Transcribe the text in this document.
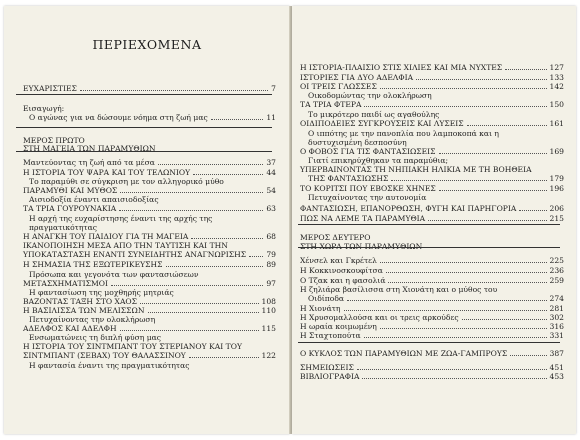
ΠΕΡΙΕΧΟΜΕΝΑ
ΕΥΧΑΡΙΣΤΙΕΣ	7
Εισαγωγή:
Ο αγώνας για να δώσουμε νόημα στη ζωή μας	11
ΜΕΡΟΣ ΠΡΩΤΟ
ΣΤΗ ΜΑΓΕΙΑ ΤΩΝ ΠΑΡΑΜΥΘΙΩΝ
Μαντεύοντας τη ζωή από τα μέσα	37
Η ΙΣΤΟΡΙΑ ΤΟΥ ΨΑΡΑ ΚΑΙ ΤΟΥ ΤΕΛΩΝΙΟΥ	44
Το παραμύθι σε σύγκριση με τον αλληγορικό μύθο
ΠΑΡΑΜΥΘΙ ΚΑΙ ΜΥΘΟΣ	54
Αισιοδοξία έναντι απαισιοδοξίας
ΤΑ ΤΡΙΑ ΓΟΥΡΟΥΝΑΚΙΑ	63
Η αρχή της ευχαρίστησης έναντι της αρχής της
πραγματικότητας
Η ΑΝΑΓΚΗ ΤΟΥ ΠΑΙΔΙΟΥ ΓΙΑ ΤΗ ΜΑΓΕΙΑ	68
ΙΚΑΝΟΠΟΙΗΣΗ ΜΕΣΑ ΑΠΟ ΤΗΝ ΤΑΥΤΙΣΗ ΚΑΙ ΤΗΝ
ΥΠΟΚΑΤΑΣΤΑΣΗ ΕΝΑΝΤΙ ΣΥΝΕΙΔΗΤΗΣ ΑΝΑΓΝΩΡΙΣΗΣ	79
Η ΣΗΜΑΣΙΑ ΤΗΣ ΕΞΩΤΕΡΙΚΕΥΣΗΣ	89
Πρόσωπα και γεγονότα των φαντασιώσεων
ΜΕΤΑΣΧΗΜΑΤΙΣΜΟΙ	97
Η φαντασίωση της μοχθηρής μητριάς
ΒΑΖΟΝΤΑΣ ΤΑΞΗ ΣΤΟ ΧΑΟΣ	108
Η ΒΑΣΙΛΙΣΣΑ ΤΩΝ ΜΕΛΙΣΣΩΝ	110
Πετυχαίνοντας την ολοκλήρωση
ΑΔΕΛΦΟΣ ΚΑΙ ΑΔΕΛΦΗ	115
Ενσωματώνεις τη διπλή φύση μας
Η ΙΣΤΟΡΙΑ ΤΟΥ ΣΙΝΤΜΠΑΝΤ ΤΟΥ ΣΤΕΡΙΑΝΟΥ ΚΑΙ ΤΟΥ
ΣΙΝΤΜΠΑΝΤ (ΣΕΒΑΧ) ΤΟΥ ΘΑΛΑΣΣΙΝΟΥ	122
Η φαντασία έναντι της πραγματικότητας
Η ΙΣΤΟΡΙΑ-ΠΛΑΙΣΙΟ ΣΤΙΣ ΧΙΛΙΕΣ ΚΑΙ ΜΙΑ ΝΥΧΤΕΣ	127
ΙΣΤΟΡΙΕΣ ΓΙΑ ΔΥΟ ΑΔΕΛΦΙΑ	133
ΟΙ ΤΡΕΙΣ ΓΛΩΣΣΕΣ	142
Οικοδομώντας την ολοκλήρωση
ΤΑ ΤΡΙΑ ΦΤΕΡΑ	150
Το μικρότερο παιδί ως αγαθούλης
ΟΙΔΙΠΟΔΕΙΕΣ ΣΥΓΚΡΟΥΣΕΙΣ ΚΑΙ ΛΥΣΕΙΣ	161
Ο ιππότης με την πανοπλία που λαμποκοπά και η
δυστυχισμένη δεσποσύνη
Ο ΦΟΒΟΣ ΓΙΑ ΤΙΣ ΦΑΝΤΑΣΙΩΣΕΙΣ	169
Γιατί επικηρύχθηκαν τα παραμύθια;
ΥΠΕΡΒΑΙΝΟΝΤΑΣ ΤΗ ΝΗΠΙΑΚΗ ΗΛΙΚΙΑ ΜΕ ΤΗ ΒΟΗΘΕΙΑ
ΤΗΣ ΦΑΝΤΑΣΙΩΣΗΣ	179
ΤΟ ΚΟΡΙΤΣΙ ΠΟΥ ΕΒΟΣΚΕ ΧΗΝΕΣ	196
Πετυχαίνοντας την αυτονομία
ΦΑΝΤΑΣΙΩΣΗ, ΕΠΑΝΟΡΘΩΣΗ, ΦΥΓΗ ΚΑΙ ΠΑΡΗΓΟΡΙΑ	206
ΠΩΣ ΝΑ ΛΕΜΕ ΤΑ ΠΑΡΑΜΥΘΙΑ	215
ΜΕΡΟΣ ΔΕΥΤΕΡΟ
ΣΤΗ ΧΩΡΑ ΤΩΝ ΠΑΡΑΜΥΘΙΩΝ
Χένσελ και Γκρέτελ	225
Η Κοκκινοσκουφίτσα	236
Ο Τζακ και η φασολιά	259
Η ζηλιάρα βασίλισσα στη Χιονάτη και ο μύθος του
Οιδίποδα	274
Η Χιονάτη	281
Η Χρυσομαλλούσα και οι τρεις αρκούδες	302
Η ωραία κοιμωμένη	316
Η Σταχτοπούτα	331
Ο ΚΥΚΛΟΣ ΤΩΝ ΠΑΡΑΜΥΘΙΩΝ ΜΕ ΖΩΑ-ΓΑΜΠΡΟΥΣ	387
ΣΗΜΕΙΩΣΕΙΣ	451
ΒΙΒΛΙΟΓΡΑΦΙΑ	453
